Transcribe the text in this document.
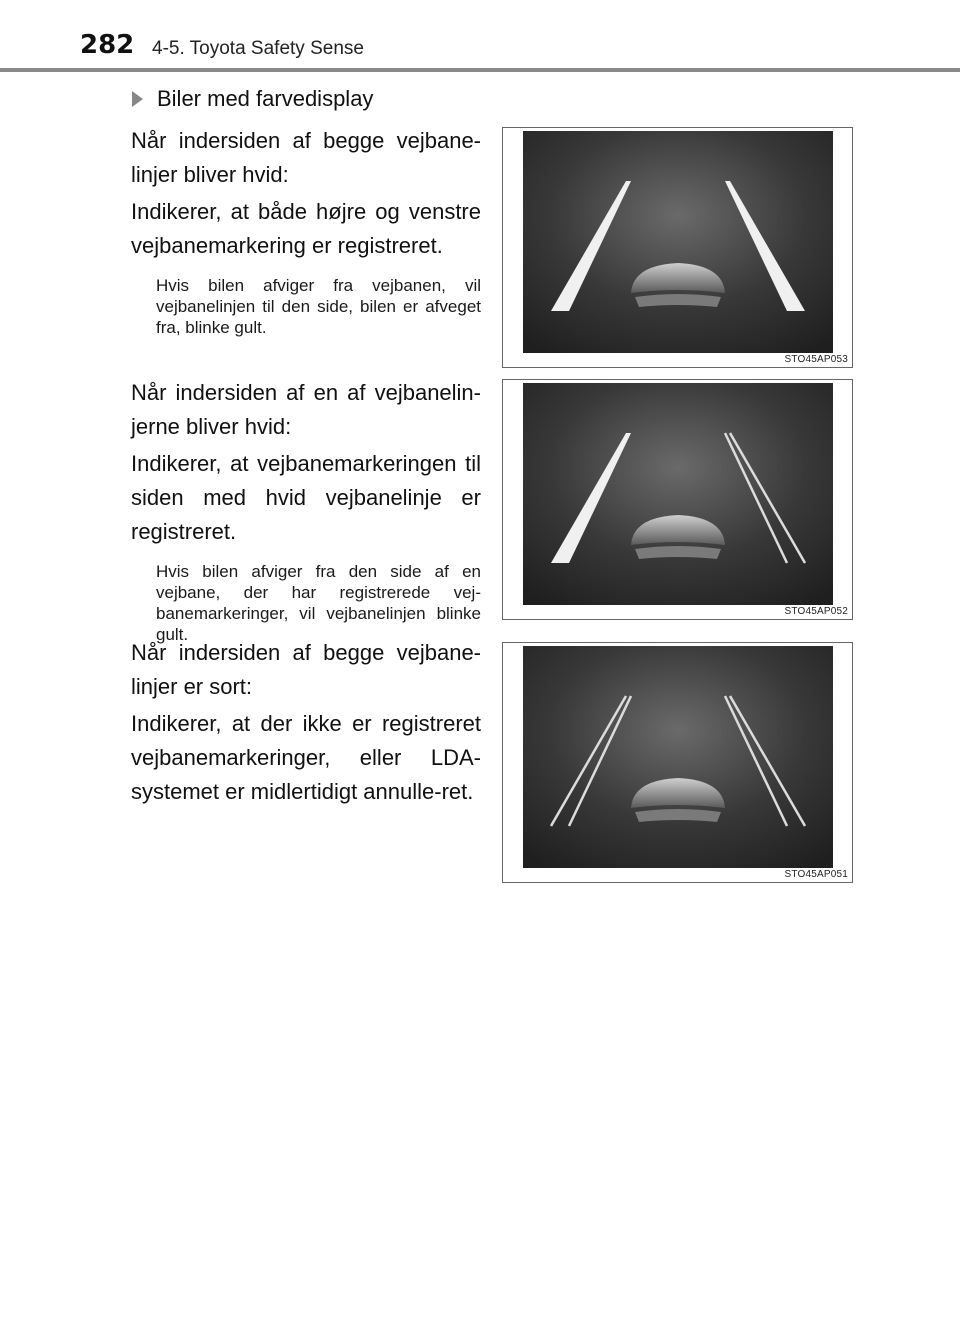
282 4-5. Toyota Safety Sense
Biler med farvedisplay

Når indersiden af begge vejbane-linjer bliver hvid:

Indikerer, at både højre og venstre vejbanemarkering er registreret.

Hvis bilen afviger fra vejbanen, vil vejbanelinjen til den side, bilen er afveget fra, blinke gult.

Når indersiden af en af vejbanelin-jerne bliver hvid:

Indikerer, at vejbanemarkeringen til siden med hvid vejbanelinje er registreret.

Hvis bilen afviger fra den side af en vejbane, der har registrerede vej-banemarkeringer, vil vejbanelinjen blinke gult.

Når indersiden af begge vejbane-linjer er sort:

Indikerer, at der ikke er registreret vejbanemarkeringer, eller LDA-systemet er midlertidigt annulle-ret.

STO45AP053
STO45AP052
STO45AP051
